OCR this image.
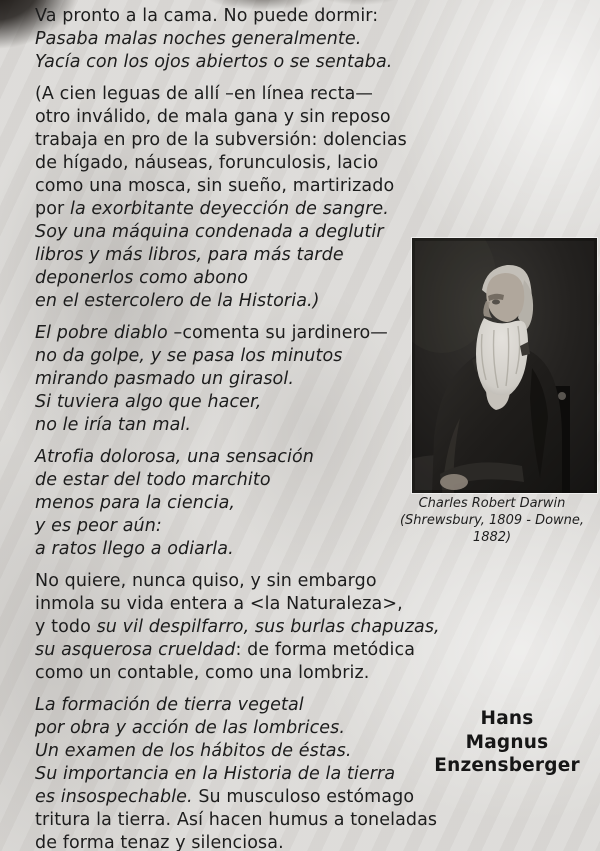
Va pronto a la cama. No puede dormir:
Pasaba malas noches generalmente.
Yacía con los ojos abiertos o se sentaba.
(A cien leguas de allí –en línea recta—
otro inválido, de mala gana y sin reposo
trabaja en pro de la subversión: dolencias
de hígado, náuseas, forunculosis, lacio
como una mosca, sin sueño, martirizado
por la exorbitante deyección de sangre.
Soy una máquina condenada a deglutir
libros y más libros, para más tarde
deponerlos como abono
en el estercolero de la Historia.)
El pobre diablo –comenta su jardinero—
no da golpe, y se pasa los minutos
mirando pasmado un girasol.
Si tuviera algo que hacer,
no le iría tan mal.
Atrofia dolorosa, una sensación
de estar del todo marchito
menos para la ciencia,
y es peor aún:
a ratos llego a odiarla.
No quiere, nunca quiso, y sin embargo
inmola su vida entera a <la Naturaleza>,
y todo su vil despilfarro, sus burlas chapuzas,
su asquerosa crueldad: de forma metódica
como un contable, como una lombriz.
La formación de tierra vegetal
por obra y acción de las lombrices.
Un examen de los hábitos de éstas.
Su importancia en la Historia de la tierra
es insospechable. Su musculoso estómago
tritura la tierra. Así hacen humus a toneladas
de forma tenaz y silenciosa.
Charles Robert Darwin
(Shrewsbury, 1809 - Downe, 1882)
Hans
Magnus
Enzensberger
